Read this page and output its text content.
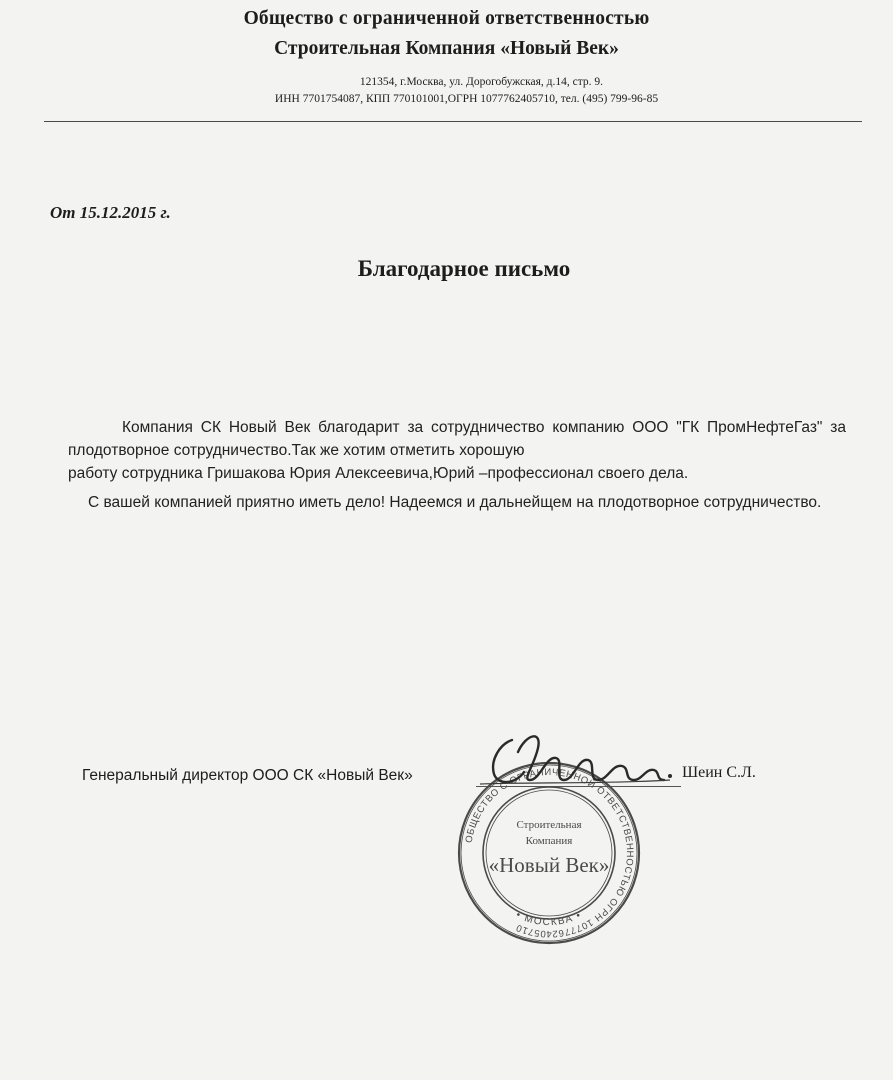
Общество с ограниченной ответственностью
Строительная Компания «Новый Век»
121354, г.Москва, ул. Дорогобужская, д.14, стр. 9.
ИНН 7701754087, КПП 770101001,ОГРН 1077762405710, тел. (495) 799-96-85
От 15.12.2015 г.
Благодарное письмо

Компания СК Новый Век благодарит за сотрудничество компанию ООО "ГК ПромНефтеГаз" за плодотворное сотрудничество.Так же хотим отметить хорошую

работу сотрудника Гришакова Юрия Алексеевича,Юрий –профессионал своего дела.

С вашей компанией приятно иметь дело! Надеемся и дальнейщем на плодотворное сотрудничество.

Генеральный директор ООО СК «Новый Век»	Шеин С.Л.
ОБЩЕСТВО С ОГРАНИЧЕННОЙ ОТВЕТСТВЕННОСТЬЮ ОГРН 1077762405710
• МОСКВА •
Строительная
Компания
«Новый Век»
